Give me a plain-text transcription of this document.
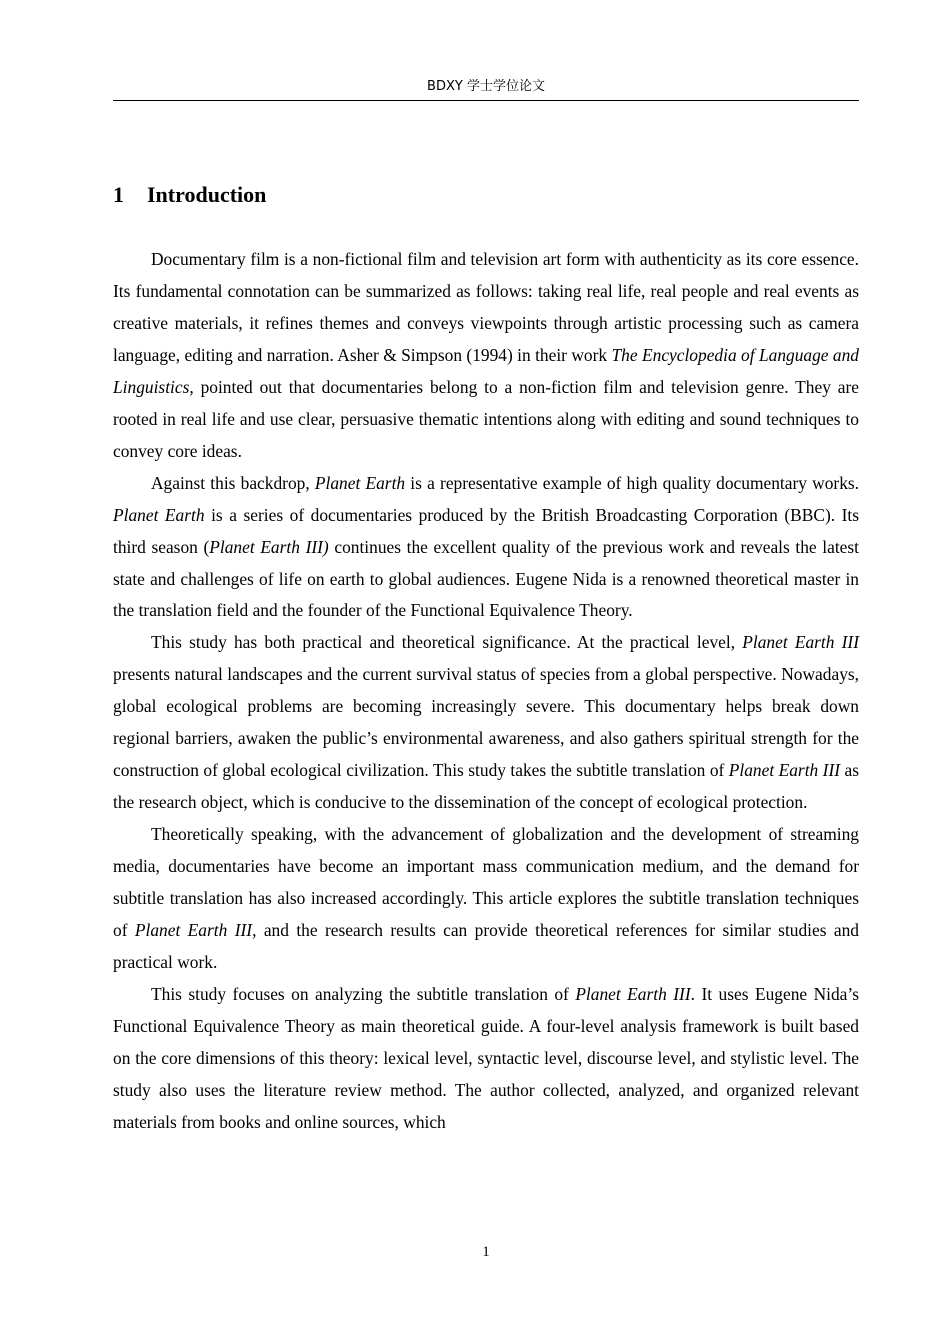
BDXY 学士学位论文
1 Introduction

Documentary film is a non-fictional film and television art form with authenticity as its core essence. Its fundamental connotation can be summarized as follows: taking real life, real people and real events as creative materials, it refines themes and conveys viewpoints through artistic processing such as camera language, editing and narration. Asher & Simpson (1994) in their work The Encyclopedia of Language and Linguistics, pointed out that documentaries belong to a non-fiction film and television genre. They are rooted in real life and use clear, persuasive thematic intentions along with editing and sound techniques to convey core ideas.

Against this backdrop, Planet Earth is a representative example of high quality documentary works. Planet Earth is a series of documentaries produced by the British Broadcasting Corporation (BBC). Its third season (Planet Earth III) continues the excellent quality of the previous work and reveals the latest state and challenges of life on earth to global audiences. Eugene Nida is a renowned theoretical master in the translation field and the founder of the Functional Equivalence Theory.

This study has both practical and theoretical significance. At the practical level, Planet Earth III presents natural landscapes and the current survival status of species from a global perspective. Nowadays, global ecological problems are becoming increasingly severe. This documentary helps break down regional barriers, awaken the public’s environmental awareness, and also gathers spiritual strength for the construction of global ecological civilization. This study takes the subtitle translation of Planet Earth III as the research object, which is conducive to the dissemination of the concept of ecological protection.

Theoretically speaking, with the advancement of globalization and the development of streaming media, documentaries have become an important mass communication medium, and the demand for subtitle translation has also increased accordingly. This article explores the subtitle translation techniques of Planet Earth III, and the research results can provide theoretical references for similar studies and practical work.

This study focuses on analyzing the subtitle translation of Planet Earth III. It uses Eugene Nida’s Functional Equivalence Theory as main theoretical guide. A four-level analysis framework is built based on the core dimensions of this theory: lexical level, syntactic level, discourse level, and stylistic level. The study also uses the literature review method. The author collected, analyzed, and organized relevant materials from books and online sources, which

1
